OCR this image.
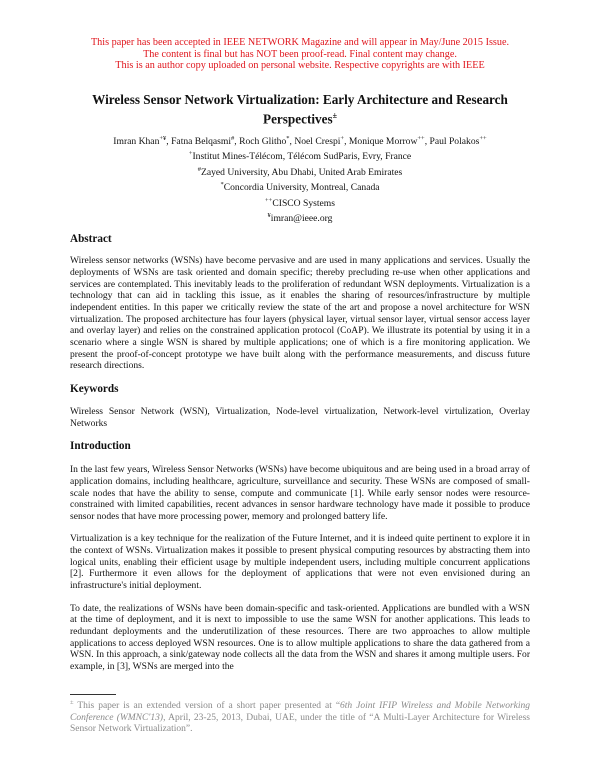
This paper has been accepted in IEEE NETWORK Magazine and will appear in May/June 2015 Issue.
The content is final but has NOT been proof-read. Final content may change.
This is an author copy uploaded on personal website. Respective copyrights are with IEEE
Wireless Sensor Network Virtualization: Early Architecture and Research
Perspectives±
Imran Khan+¥, Fatna Belqasmi#, Roch Glitho*, Noel Crespi+, Monique Morrow++, Paul Polakos++
+Institut Mines-Télécom, Télécom SudParis, Evry, France
#Zayed University, Abu Dhabi, United Arab Emirates
*Concordia University, Montreal, Canada
++CISCO Systems
¥imran@ieee.org
Abstract

Wireless sensor networks (WSNs) have become pervasive and are used in many applications and services. Usually the deployments of WSNs are task oriented and domain specific; thereby precluding re-use when other applications and services are contemplated. This inevitably leads to the proliferation of redundant WSN deployments. Virtualization is a technology that can aid in tackling this issue, as it enables the sharing of resources/infrastructure by multiple independent entities. In this paper we critically review the state of the art and propose a novel architecture for WSN virtualization. The proposed architecture has four layers (physical layer, virtual sensor layer, virtual sensor access layer and overlay layer) and relies on the constrained application protocol (CoAP). We illustrate its potential by using it in a scenario where a single WSN is shared by multiple applications; one of which is a fire monitoring application. We present the proof-of-concept prototype we have built along with the performance measurements, and discuss future research directions.

Keywords

Wireless Sensor Network (WSN), Virtualization, Node-level virtualization, Network-level virtulization, Overlay Networks

Introduction

In the last few years, Wireless Sensor Networks (WSNs) have become ubiquitous and are being used in a broad array of application domains, including healthcare, agriculture, surveillance and security. These WSNs are composed of small-scale nodes that have the ability to sense, compute and communicate [1]. While early sensor nodes were resource-constrained with limited capabilities, recent advances in sensor hardware technology have made it possible to produce sensor nodes that have more processing power, memory and prolonged battery life.

Virtualization is a key technique for the realization of the Future Internet, and it is indeed quite pertinent to explore it in the context of WSNs. Virtualization makes it possible to present physical computing resources by abstracting them into logical units, enabling their efficient usage by multiple independent users, including multiple concurrent applications [2]. Furthermore it even allows for the deployment of applications that were not even envisioned during an infrastructure's initial deployment.

To date, the realizations of WSNs have been domain-specific and task-oriented. Applications are bundled with a WSN at the time of deployment, and it is next to impossible to use the same WSN for another applications. This leads to redundant deployments and the underutilization of these resources. There are two approaches to allow multiple applications to access deployed WSN resources. One is to allow multiple applications to share the data gathered from a WSN. In this approach, a sink/gateway node collects all the data from the WSN and shares it among multiple users. For example, in [3], WSNs are merged into the

± This paper is an extended version of a short paper presented at “6th Joint IFIP Wireless and Mobile Networking Conference (WMNC'13), April, 23-25, 2013, Dubai, UAE, under the title of “A Multi-Layer Architecture for Wireless Sensor Network Virtualization”.
